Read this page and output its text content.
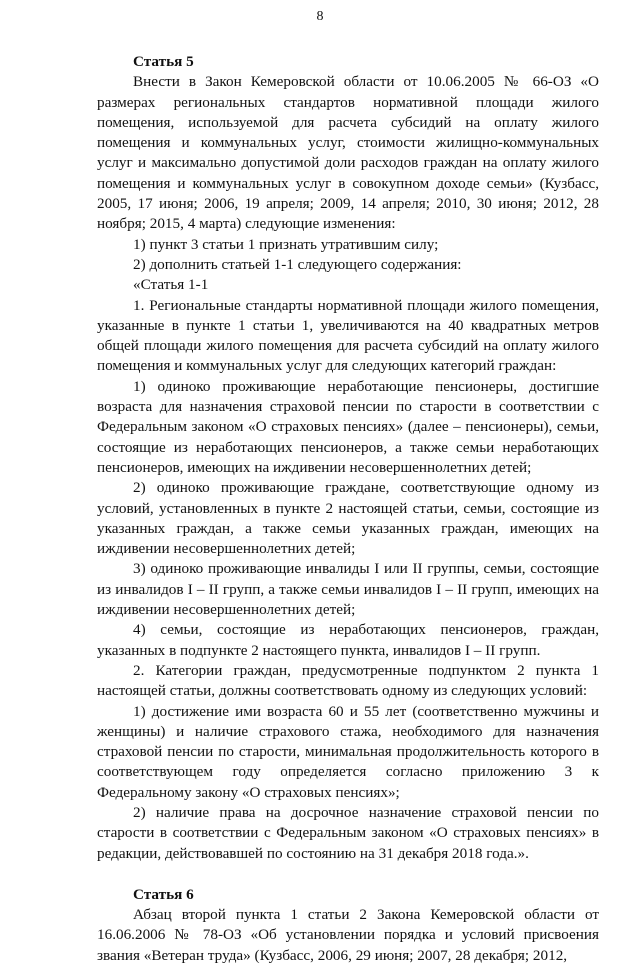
8

Статья 5

Внести в Закон Кемеровской области от 10.06.2005 № 66-ОЗ «О размерах региональных стандартов нормативной площади жилого помещения, используемой для расчета субсидий на оплату жилого помещения и коммунальных услуг, стоимости жилищно-коммунальных услуг и максимально допустимой доли расходов граждан на оплату жилого помещения и коммунальных услуг в совокупном доходе семьи» (Кузбасс, 2005, 17 июня; 2006, 19 апреля; 2009, 14 апреля; 2010, 30 июня; 2012, 28 ноября; 2015, 4 марта) следующие изменения:

1) пункт 3 статьи 1 признать утратившим силу;

2) дополнить статьей 1-1 следующего содержания:

«Статья 1-1

1. Региональные стандарты нормативной площади жилого помещения, указанные в пункте 1 статьи 1, увеличиваются на 40 квадратных метров общей площади жилого помещения для расчета субсидий на оплату жилого помещения и коммунальных услуг для следующих категорий граждан:

1) одиноко проживающие неработающие пенсионеры, достигшие возраста для назначения страховой пенсии по старости в соответствии с Федеральным законом «О страховых пенсиях» (далее – пенсионеры), семьи, состоящие из неработающих пенсионеров, а также семьи неработающих пенсионеров, имеющих на иждивении несовершеннолетних детей;

2) одиноко проживающие граждане, соответствующие одному из условий, установленных в пункте 2 настоящей статьи, семьи, состоящие из указанных граждан, а также семьи указанных граждан, имеющих на иждивении несовершеннолетних детей;

3) одиноко проживающие инвалиды I или II группы, семьи, состоящие из инвалидов I – II групп, а также семьи инвалидов I – II групп, имеющих на иждивении несовершеннолетних детей;

4) семьи, состоящие из неработающих пенсионеров, граждан, указанных в подпункте 2 настоящего пункта, инвалидов I – II групп.

2. Категории граждан, предусмотренные подпунктом 2 пункта 1 настоящей статьи, должны соответствовать одному из следующих условий:

1) достижение ими возраста 60 и 55 лет (соответственно мужчины и женщины) и наличие страхового стажа, необходимого для назначения страховой пенсии по старости, минимальная продолжительность которого в соответствующем году определяется согласно приложению 3 к Федеральному закону «О страховых пенсиях»;

2) наличие права на досрочное назначение страховой пенсии по старости в соответствии с Федеральным законом «О страховых пенсиях» в редакции, действовавшей по состоянию на 31 декабря 2018 года.».

Статья 6

Абзац второй пункта 1 статьи 2 Закона Кемеровской области от 16.06.2006 № 78-ОЗ «Об установлении порядка и условий присвоения звания «Ветеран труда» (Кузбасс, 2006, 29 июня; 2007, 28 декабря; 2012,
